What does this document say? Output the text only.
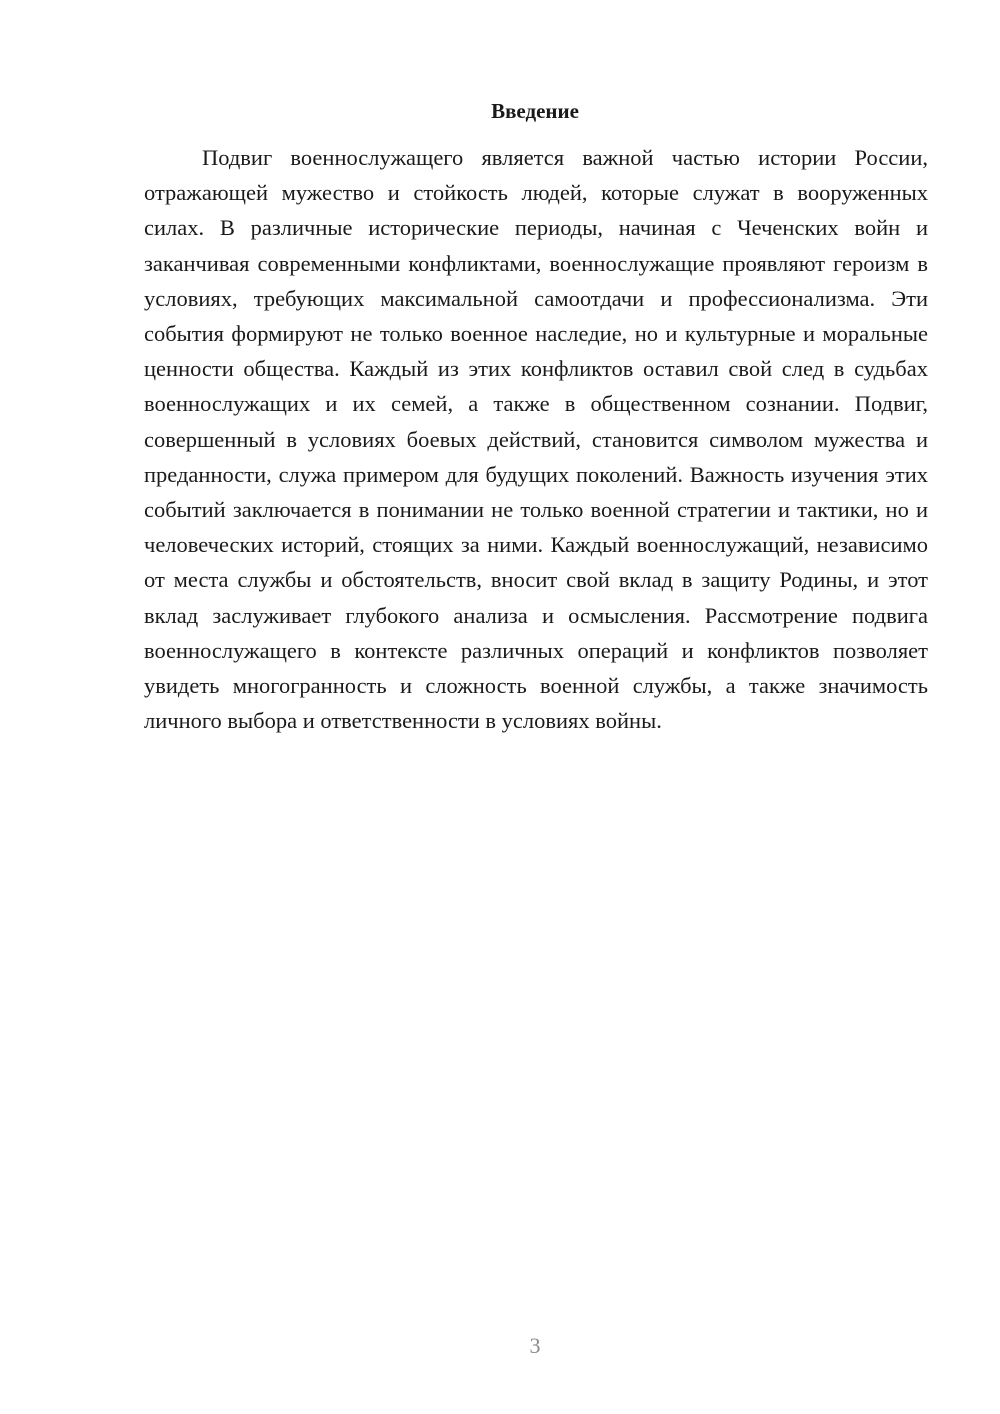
Введение

Подвиг военнослужащего является важной частью истории России, отражающей мужество и стойкость людей, которые служат в вооруженных силах. В различные исторические периоды, начиная с Чеченских войн и заканчивая современными конфликтами, военнослужащие проявляют героизм в условиях, требующих максимальной самоотдачи и профессионализма. Эти события формируют не только военное наследие, но и культурные и моральные ценности общества. Каждый из этих конфликтов оставил свой след в судьбах военнослужащих и их семей, а также в общественном сознании. Подвиг, совершенный в условиях боевых действий, становится символом мужества и преданности, служа примером для будущих поколений. Важность изучения этих событий заключается в понимании не только военной стратегии и тактики, но и человеческих историй, стоящих за ними. Каждый военнослужащий, независимо от места службы и обстоятельств, вносит свой вклад в защиту Родины, и этот вклад заслуживает глубокого анализа и осмысления. Рассмотрение подвига военнослужащего в контексте различных операций и конфликтов позволяет увидеть многогранность и сложность военной службы, а также значимость личного выбора и ответственности в условиях войны.

3
